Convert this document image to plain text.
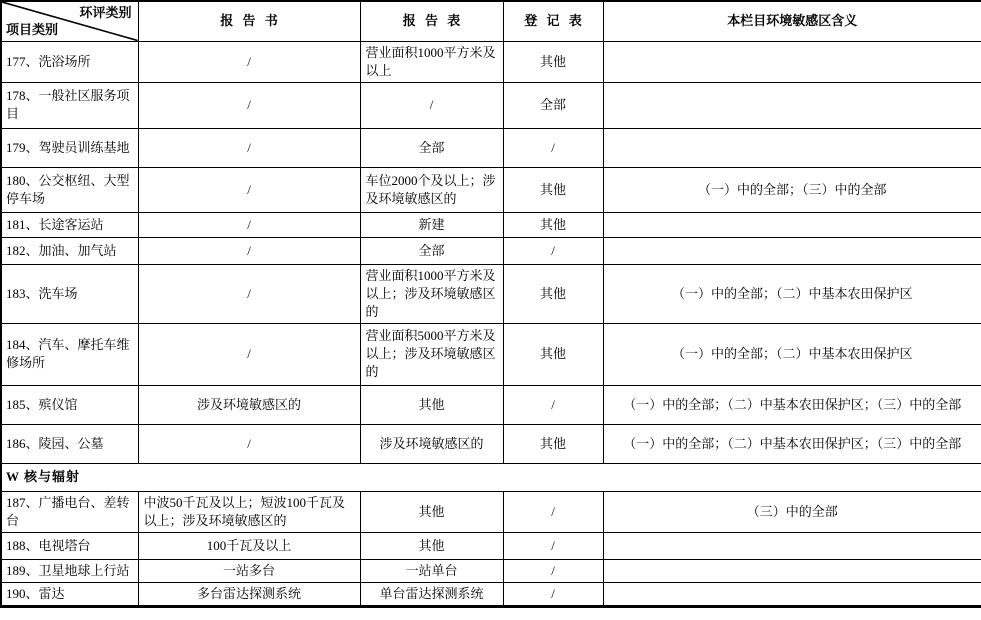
环评类别
项目类别	报 告 书	报 告 表	登 记 表	本栏目环境敏感区含义
177、洗浴场所	/	营业面积1000平方米及以上	其他	
178、一般社区服务项目	/	/	全部	
179、驾驶员训练基地	/	全部	/	
180、公交枢纽、大型停车场	/	车位2000个及以上；涉及环境敏感区的	其他	（一）中的全部；（三）中的全部
181、长途客运站	/	新建	其他	
182、加油、加气站	/	全部	/	
183、洗车场	/	营业面积1000平方米及以上；涉及环境敏感区的	其他	（一）中的全部；（二）中基本农田保护区
184、汽车、摩托车维修场所	/	营业面积5000平方米及以上；涉及环境敏感区的	其他	（一）中的全部；（二）中基本农田保护区
185、殡仪馆	涉及环境敏感区的	其他	/	（一）中的全部；（二）中基本农田保护区；（三）中的全部
186、陵园、公墓	/	涉及环境敏感区的	其他	（一）中的全部；（二）中基本农田保护区；（三）中的全部
W 核与辐射				
187、广播电台、差转台	中波50千瓦及以上；短波100千瓦及以上；涉及环境敏感区的	其他	/	（三）中的全部
188、电视塔台	100千瓦及以上	其他	/	
189、卫星地球上行站	一站多台	一站单台	/	
190、雷达	多台雷达探测系统	单台雷达探测系统	/	
